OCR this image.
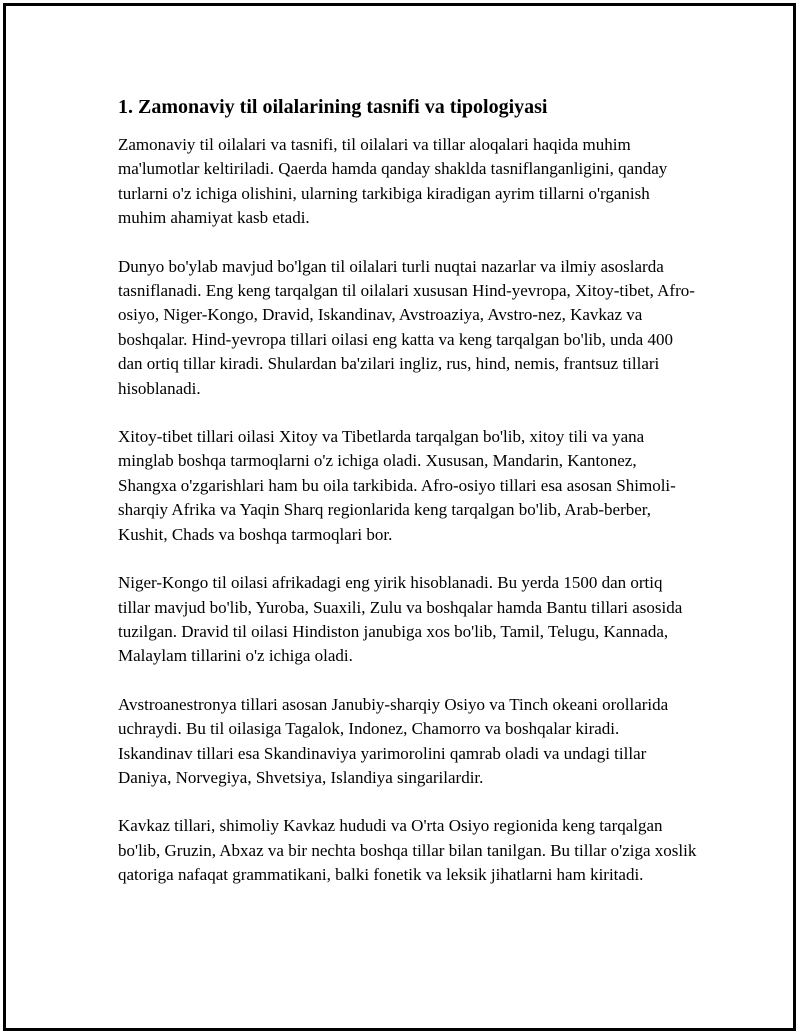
1. Zamonaviy til oilalarining tasnifi va tipologiyasi

Zamonaviy til oilalari va tasnifi, til oilalari va tillar aloqalari haqida muhim ma'lumotlar keltiriladi. Qaerda hamda qanday shaklda tasniflanganligini, qanday turlarni o'z ichiga olishini, ularning tarkibiga kiradigan ayrim tillarni o'rganish muhim ahamiyat kasb etadi.

Dunyo bo'ylab mavjud bo'lgan til oilalari turli nuqtai nazarlar va ilmiy asoslarda tasniflanadi. Eng keng tarqalgan til oilalari xususan Hind-yevropa, Xitoy-tibet, Afro-osiyo, Niger-Kongo, Dravid, Iskandinav, Avstroaziya, Avstro-nez, Kavkaz va boshqalar. Hind-yevropa tillari oilasi eng katta va keng tarqalgan bo'lib, unda 400 dan ortiq tillar kiradi. Shulardan ba'zilari ingliz, rus, hind, nemis, frantsuz tillari hisoblanadi.

Xitoy-tibet tillari oilasi Xitoy va Tibetlarda tarqalgan bo'lib, xitoy tili va yana minglab boshqa tarmoqlarni o'z ichiga oladi. Xususan, Mandarin, Kantonez, Shangxa o'zgarishlari ham bu oila tarkibida. Afro-osiyo tillari esa asosan Shimoli-sharqiy Afrika va Yaqin Sharq regionlarida keng tarqalgan bo'lib, Arab-berber, Kushit, Chads va boshqa tarmoqlari bor.

Niger-Kongo til oilasi afrikadagi eng yirik hisoblanadi. Bu yerda 1500 dan ortiq tillar mavjud bo'lib, Yuroba, Suaxili, Zulu va boshqalar hamda Bantu tillari asosida tuzilgan. Dravid til oilasi Hindiston janubiga xos bo'lib, Tamil, Telugu, Kannada, Malaylam tillarini o'z ichiga oladi.

Avstroanestronya tillari asosan Janubiy-sharqiy Osiyo va Tinch okeani orollarida uchraydi. Bu til oilasiga Tagalok, Indonez, Chamorro va boshqalar kiradi. Iskandinav tillari esa Skandinaviya yarimorolini qamrab oladi va undagi tillar Daniya, Norvegiya, Shvetsiya, Islandiya singarilardir.

Kavkaz tillari, shimoliy Kavkaz hududi va O'rta Osiyo regionida keng tarqalgan bo'lib, Gruzin, Abxaz va bir nechta boshqa tillar bilan tanilgan. Bu tillar o'ziga xoslik qatoriga nafaqat grammatikani, balki fonetik va leksik jihatlarni ham kiritadi.
